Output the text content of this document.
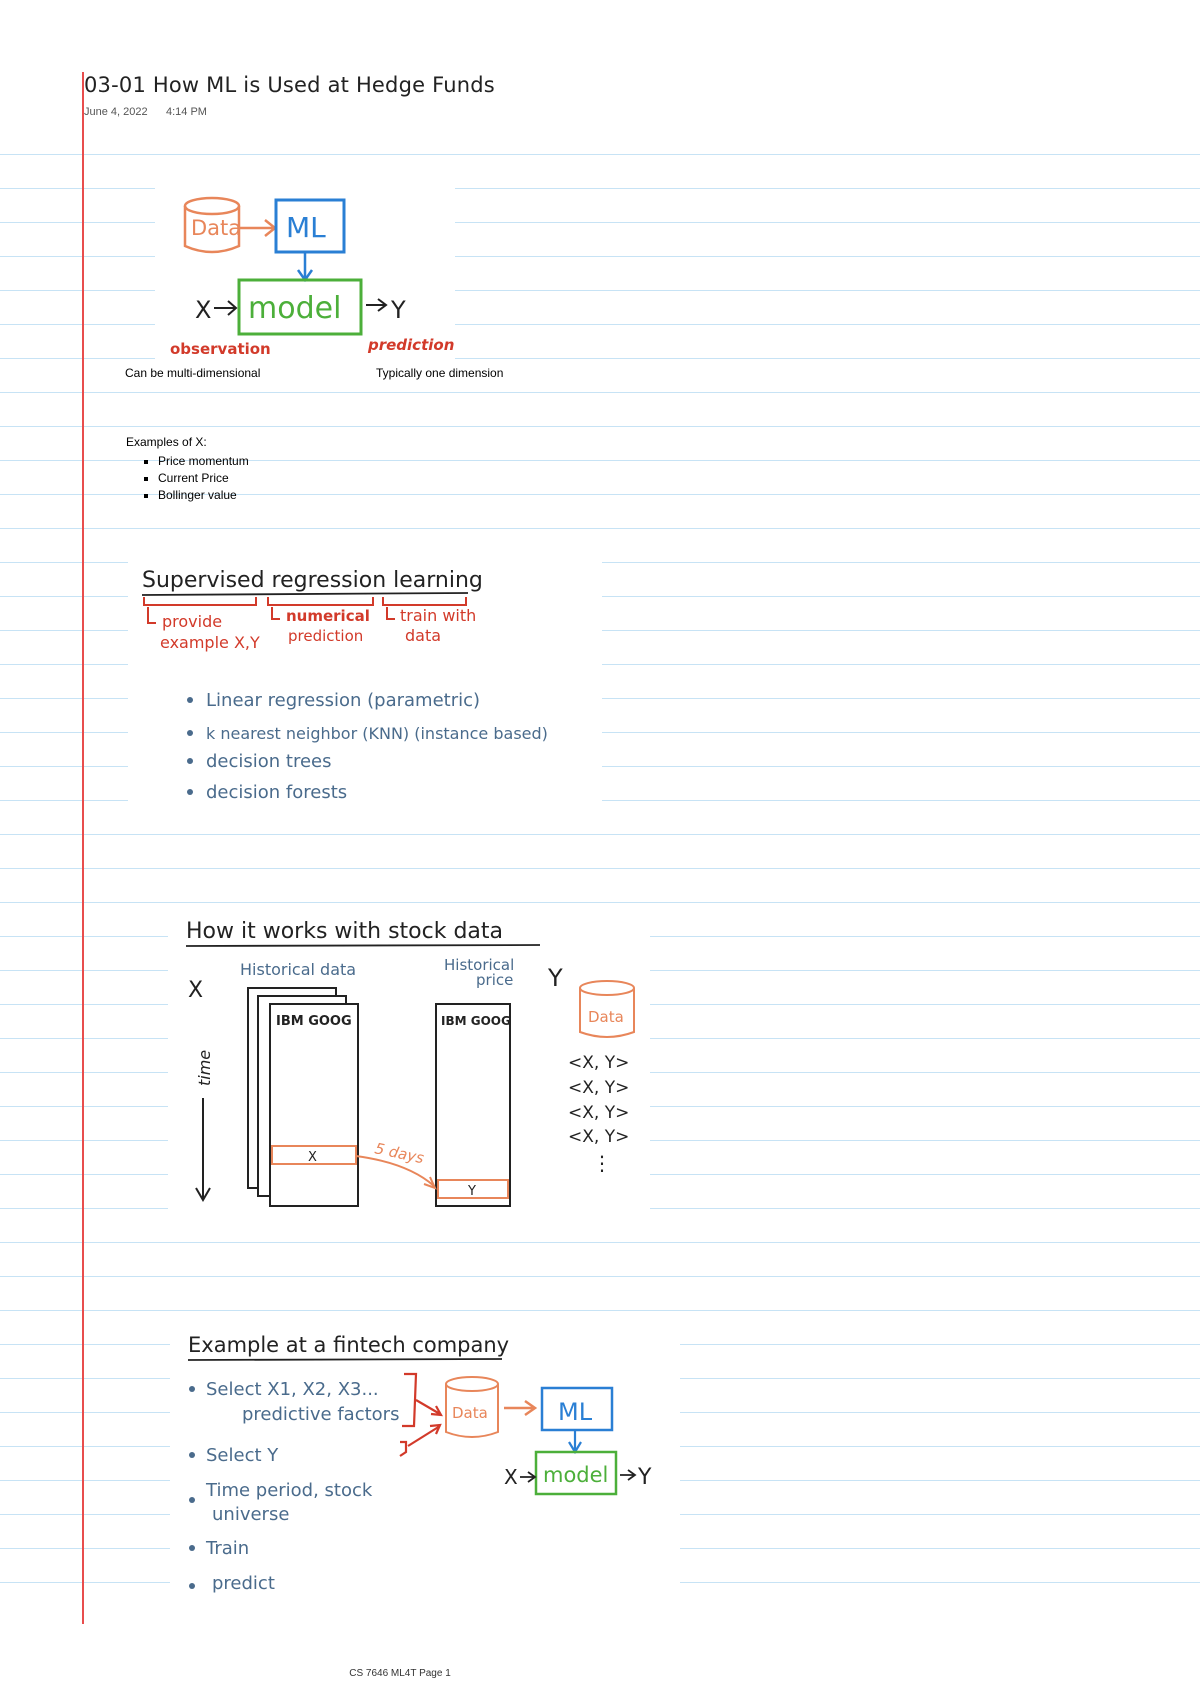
03-01 How ML is Used at Hedge Funds
June 4, 2022 4:14 PM
Data ML
model
X	Y
observation	prediction
Can be multi-dimensional	Typically one dimension
Examples of X:
▪ Price momentum
▪ Current Price
▪ Bollinger value
Supervised regression learning
provide
example X,Y
numerical
prediction
train with
data
Linear regression (parametric)
k nearest neighbor (KNN) (instance based)
decision trees
decision forests
How it works with stock data
X
Historical data	Historical
price Y
time
IBM GOOG
X
IBM GOOG
Y
5 days
Data
<X, Y>
<X, Y>
<X, Y>
<X, Y>
⋮
Example at a fintech company
Select X1, X2, X3...
predictive factors
Select Y
Time period, stock
universe
Train
predict
Data	ML
model
X	Y
CS 7646 ML4T Page 1
